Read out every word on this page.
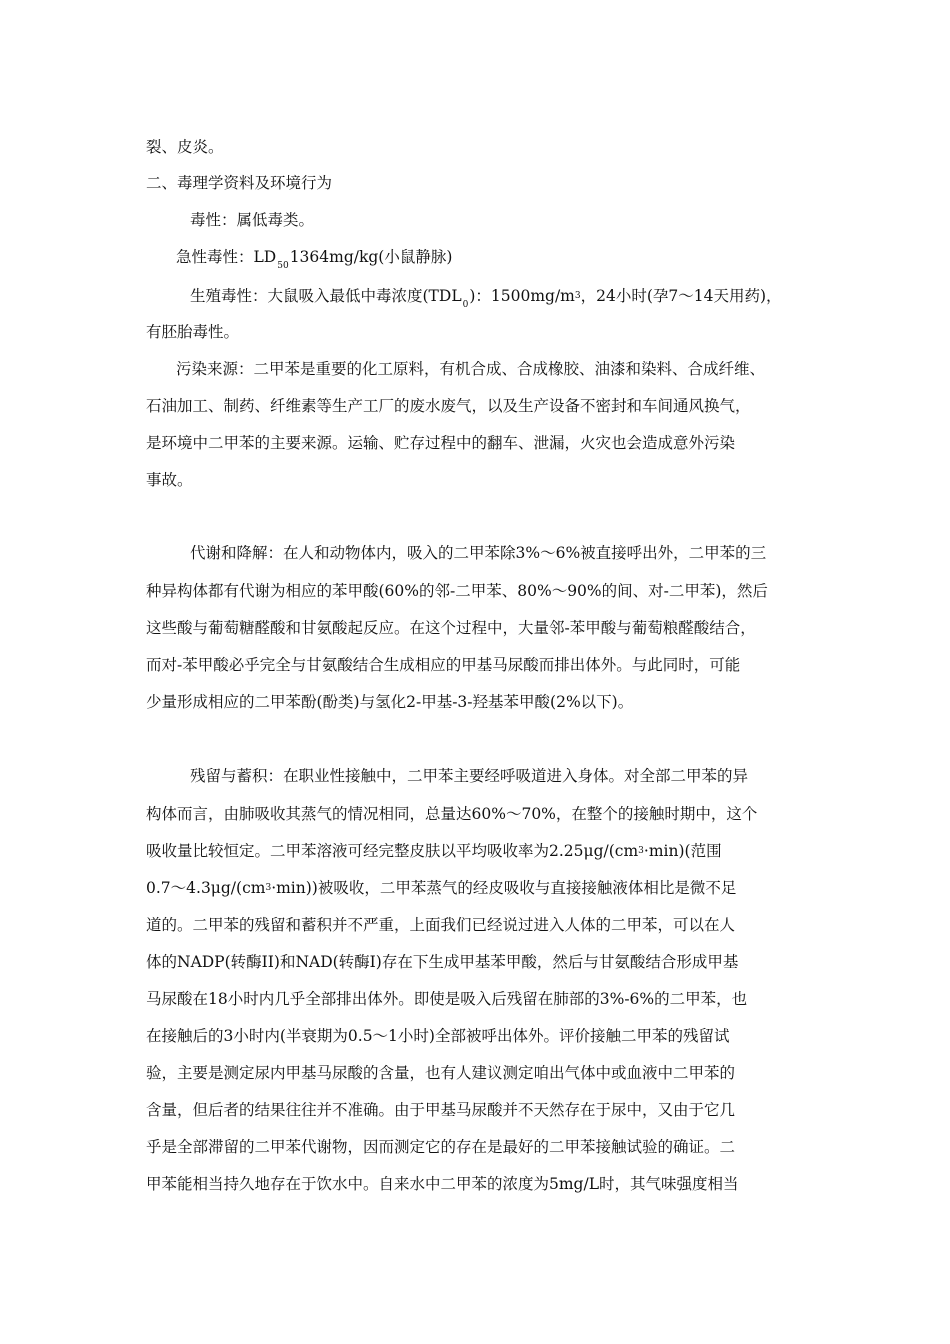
裂、皮炎。
二、毒理学资料及环境行为
毒性：属低毒类。
急性毒性：$LD_{50}1364mg/kg$(小鼠静脉)
生殖毒性：大鼠吸入最低中毒浓度$(TDL_0)$：$1500mg/m^3$，24小时(孕7～14天用药)，
有胚胎毒性。
污染来源：二甲苯是重要的化工原料，有机合成、合成橡胶、油漆和染料、合成纤维、
石油加工、制药、纤维素等生产工厂的废水废气，以及生产设备不密封和车间通风换气，
是环境中二甲苯的主要来源。运输、贮存过程中的翻车、泄漏，火灾也会造成意外污染
事故。
代谢和降解：在人和动物体内，吸入的二甲苯除3%～6%被直接呼出外，二甲苯的三
种异构体都有代谢为相应的苯甲酸(60%的邻-二甲苯、80%～90%的间、对-二甲苯)，然后
这些酸与葡萄糖醛酸和甘氨酸起反应。在这个过程中，大量邻-苯甲酸与葡萄粮醛酸结合，
而对-苯甲酸必乎完全与甘氨酸结合生成相应的甲基马尿酸而排出体外。与此同时，可能
少量形成相应的二甲苯酚(酚类)与氢化2-甲基-3-羟基苯甲酸(2%以下)。
残留与蓄积：在职业性接触中，二甲苯主要经呼吸道进入身体。对全部二甲苯的异
构体而言，由肺吸收其蒸气的情况相同，总量达60%～70%，在整个的接触时期中，这个
吸收量比较恒定。二甲苯溶液可经完整皮肤以平均吸收率为$2.25\mu g/(cm^3\cdot\min)$(范围
$0.7\sim 4.3\mu g/(cm^3\cdot\min)$)被吸收，二甲苯蒸气的经皮吸收与直接接触液体相比是微不足
道的。二甲苯的残留和蓄积并不严重，上面我们已经说过进入人体的二甲苯，可以在人
体的NADP(转酶II)和NAD(转酶I)存在下生成甲基苯甲酸，然后与甘氨酸结合形成甲基
马尿酸在18小时内几乎全部排出体外。即使是吸入后残留在肺部的3%-6%的二甲苯，也
在接触后的3小时内(半衰期为0.5～1小时)全部被呼出体外。评价接触二甲苯的残留试
验，主要是测定尿内甲基马尿酸的含量，也有人建议测定咱出气体中或血液中二甲苯的
含量，但后者的结果往往并不准确。由于甲基马尿酸并不天然存在于尿中，又由于它几
乎是全部滞留的二甲苯代谢物，因而测定它的存在是最好的二甲苯接触试验的确证。二
甲苯能相当持久地存在于饮水中。自来水中二甲苯的浓度为5mg/L时，其气味强度相当
